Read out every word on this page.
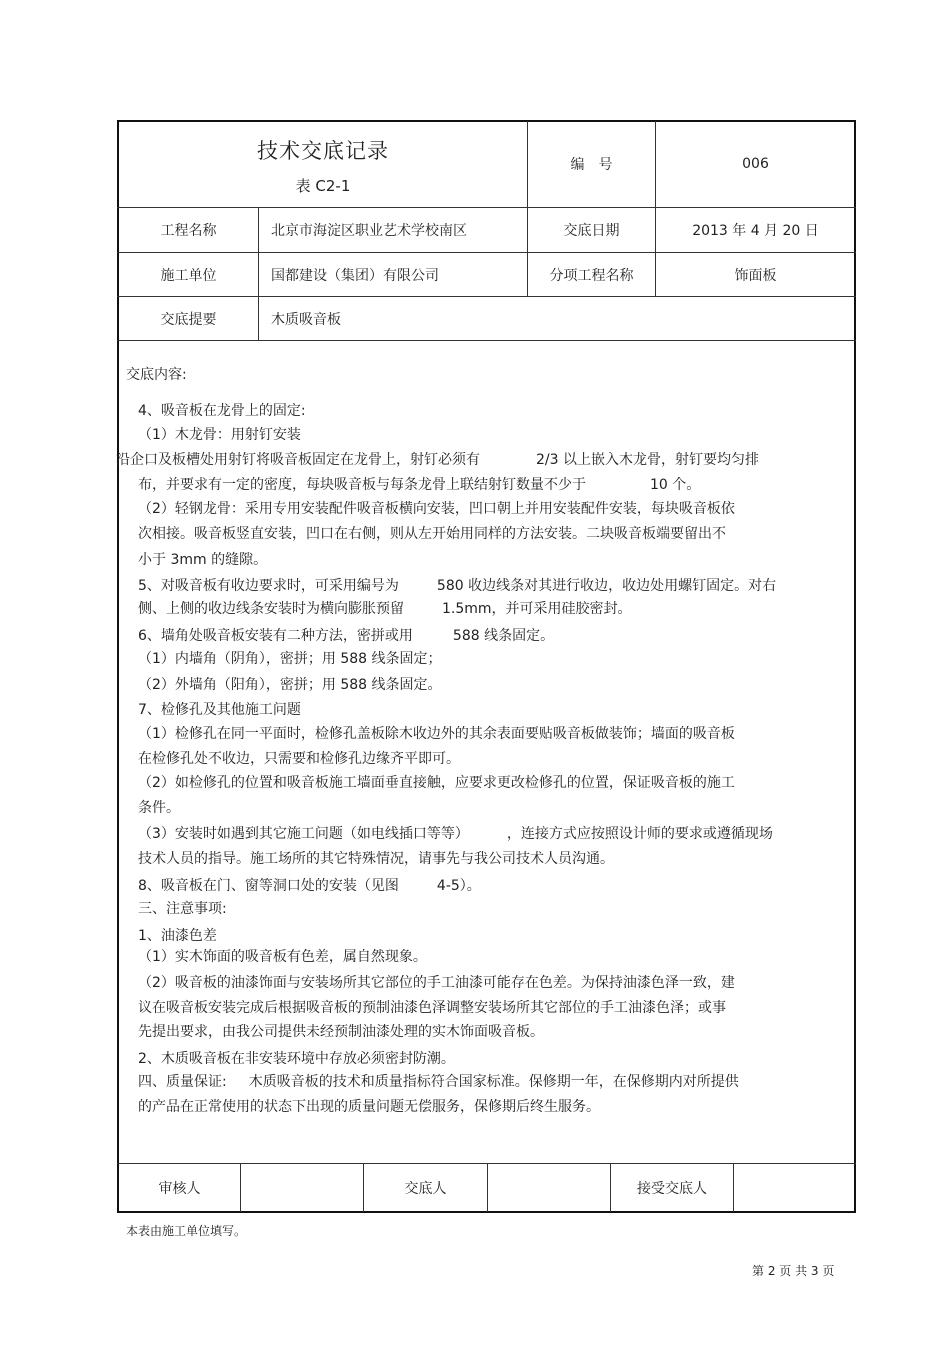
技术交底记录
表 C2-1
编　号	006
工程名称	北京市海淀区职业艺术学校南区	交底日期	2013 年 4 月 20 日
施工单位	国都建设（集团）有限公司	分项工程名称	饰面板
交底提要	木质吸音板
交底内容:
4、吸音板在龙骨上的固定:
（1）木龙骨：用射钉安装
沿企口及板槽处用射钉将吸音板固定在龙骨上，射钉必须有	2/3 以上嵌入木龙骨，射钉要均匀排
布，并要求有一定的密度，每块吸音板与每条龙骨上联结射钉数量不少于	10 个。
（2）轻钢龙骨：采用专用安装配件吸音板横向安装，凹口朝上并用安装配件安装，每块吸音板依
次相接。吸音板竖直安装，凹口在右侧，则从左开始用同样的方法安装。二块吸音板端要留出不
小于 3mm 的缝隙。
5、对吸音板有收边要求时，可采用编号为	580 收边线条对其进行收边，收边处用螺钉固定。对右
侧、上侧的收边线条安装时为横向膨胀预留	1.5mm，并可采用硅胶密封。
6、墙角处吸音板安装有二种方法，密拼或用	588 线条固定。
（1）内墙角（阴角），密拼；用 588 线条固定；
（2）外墙角（阳角），密拼；用 588 线条固定。
7、检修孔及其他施工问题
（1）检修孔在同一平面时，检修孔盖板除木收边外的其余表面要贴吸音板做装饰；墙面的吸音板
在检修孔处不收边，只需要和检修孔边缘齐平即可。
（2）如检修孔的位置和吸音板施工墙面垂直接触，应要求更改检修孔的位置，保证吸音板的施工
条件。
（3）安装时如遇到其它施工问题（如电线插口等等）	，连接方式应按照设计师的要求或遵循现场
技术人员的指导。施工场所的其它特殊情况，请事先与我公司技术人员沟通。
8、吸音板在门、窗等洞口处的安装（见图	4-5）。
三、注意事项:
1、油漆色差
（1）实木饰面的吸音板有色差，属自然现象。
（2）吸音板的油漆饰面与安装场所其它部位的手工油漆可能存在色差。为保持油漆色泽一致，建
议在吸音板安装完成后根据吸音板的预制油漆色泽调整安装场所其它部位的手工油漆色泽；或事
先提出要求，由我公司提供未经预制油漆处理的实木饰面吸音板。
2、木质吸音板在非安装环境中存放必须密封防潮。
四、质量保证: 木质吸音板的技术和质量指标符合国家标准。保修期一年，在保修期内对所提供
的产品在正常使用的状态下出现的质量问题无偿服务，保修期后终生服务。
审核人	交底人	接受交底人
本表由施工单位填写。
第 2 页 共 3 页
